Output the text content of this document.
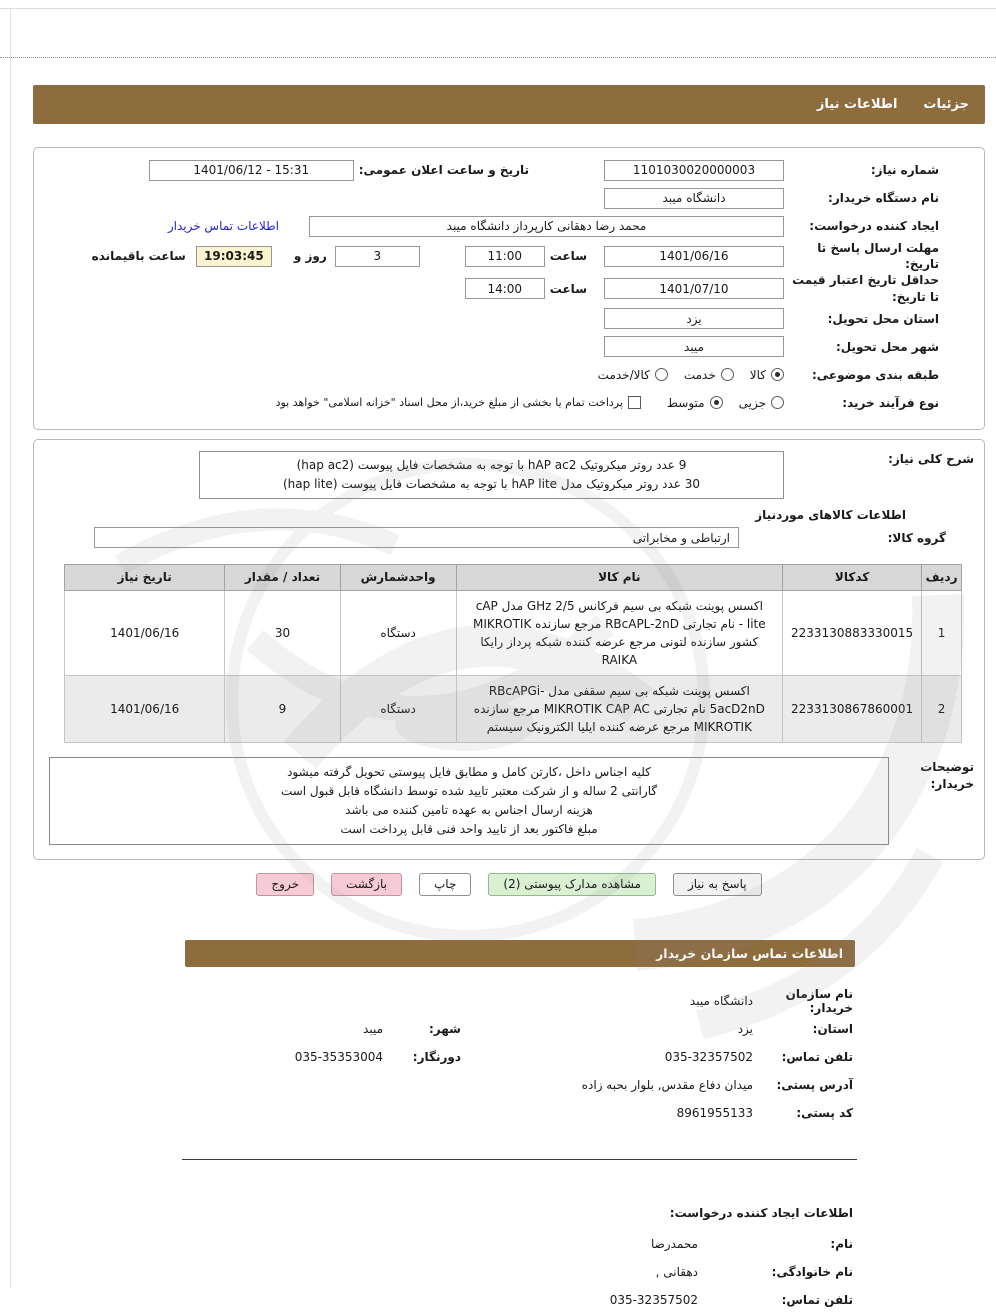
جزئیات
اطلاعات نیاز
شماره نیاز:
1101030020000003
تاریخ و ساعت اعلان عمومی:
1401/06/12 - 15:31
نام دستگاه خریدار:
دانشگاه میبد
ایجاد کننده درخواست:
محمد رضا دهقانی کارپرداز دانشگاه میبد
اطلاعات تماس خریدار
مهلت ارسال پاسخ تا تاریخ:
1401/06/16
ساعت
11:00
3
روز و
19:03:45
ساعت باقیمانده
حداقل تاریخ اعتبار قیمت تا تاریخ:
1401/07/10
ساعت
14:00
استان محل تحویل:
یزد
شهر محل تحویل:
میبد
طبقه بندی موضوعی:
کالا
خدمت
کالا/خدمت
نوع فرآیند خرید:
جزیی
متوسط
پرداخت تمام یا بخشی از مبلغ خرید،از محل اسناد "خزانه اسلامی" خواهد بود
شرح کلی نیاز:
9 عدد روتر میکروتیک hAP ac2 با توجه به مشخصات فایل پیوست (hap ac2)
30 عدد روتر میکروتیک مدل hAP lite با توجه به مشخصات فایل پیوست (hap lite)
اطلاعات کالاهای موردنیاز
گروه کالا:
ارتباطی و مخابراتی
ردیف	کدکالا	نام کالا	واحدشمارش	تعداد / مقدار	تاریخ نیاز
1	2233130883330015	اکسس پوینت شبکه بی سیم فرکانس 2/5 GHz مدل cAP lite - نام تجارتی RBcAPL-2nD مرجع سازنده MIKROTIK کشور سازنده لتونی مرجع عرضه کننده شبکه پرداز رایکا RAIKA	دستگاه	30	1401/06/16
2	2233130867860001	اکسس پوینت شبکه بی سیم سقفی مدل RBcAPGi-5acD2nD نام تجارتی MIKROTIK CAP AC مرجع سازنده MIKROTIK مرجع عرضه کننده ایلیا الکترونیک سیستم	دستگاه	9	1401/06/16
توضیحات خریدار:
کلیه اجناس داخل ،کارتن کامل و مطابق فایل پیوستی تحویل گرفته میشود
گارانتی 2 ساله و از شرکت معتبر تایید شده توسط دانشگاه قابل قبول است
هزینه ارسال اجناس به عهده تامین کننده می باشد
مبلغ فاکتور بعد از تایید واحد فنی قابل پرداخت است
پاسخ به نیاز
مشاهده مدارک پیوستی (2)
چاپ
بازگشت
خروج
اطلاعات تماس سازمان خریدار
نام سازمان خریدار:
دانشگاه میبد
استان:
یزد
شهر:
میبد
تلفن تماس:
035-32357502
دورنگار:
035-35353004
آدرس پستی:
میدان دفاع مقدس, بلوار بحبه زاده
کد پستی:
8961955133
اطلاعات ایجاد کننده درخواست:
نام:
محمدرضا
نام خانوادگی:
دهقانی ,
تلفن تماس:
035-32357502
